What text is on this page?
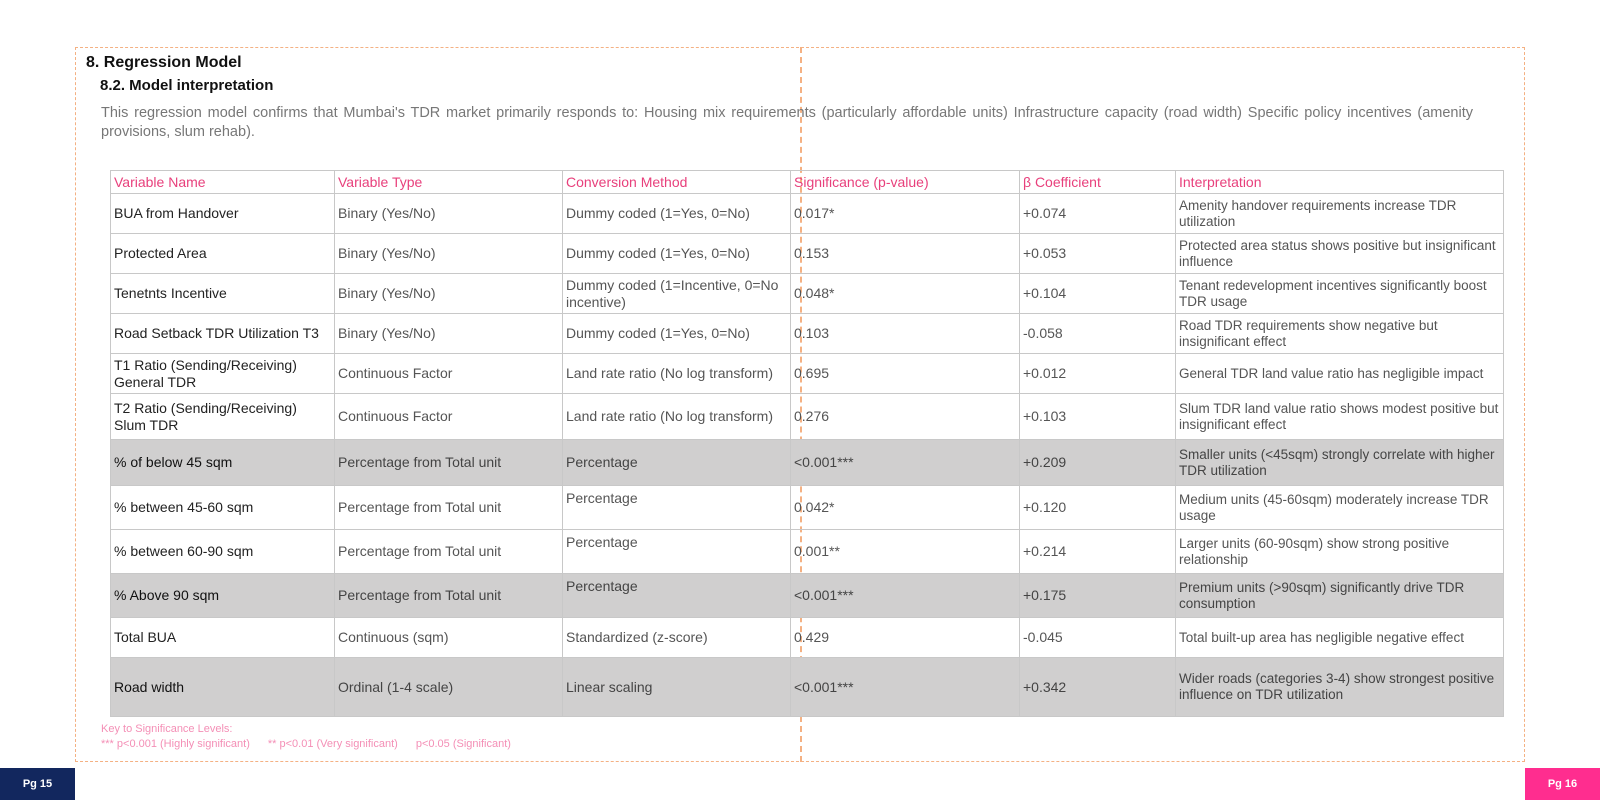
8. Regression Model
8.2. Model interpretation
This regression model confirms that Mumbai's TDR market primarily responds to: Housing mix requirements (particularly affordable units) Infrastructure capacity (road width) Specific policy incentives (amenity provisions, slum rehab).
Variable Name	Variable Type	Conversion Method	Significance (p-value)	β Coefficient	Interpretation
BUA from Handover	Binary (Yes/No)	Dummy coded (1=Yes, 0=No)	0.017*	+0.074	Amenity handover requirements increase TDR utilization
Protected Area	Binary (Yes/No)	Dummy coded (1=Yes, 0=No)	0.153	+0.053	Protected area status shows positive but insignificant influence
Tenetnts Incentive	Binary (Yes/No)	Dummy coded (1=Incentive, 0=No incentive)	0.048*	+0.104	Tenant redevelopment incentives significantly boost TDR usage
Road Setback TDR Utilization T3	Binary (Yes/No)	Dummy coded (1=Yes, 0=No)	0.103	-0.058	Road TDR requirements show negative but insignificant effect
T1 Ratio (Sending/Receiving) General TDR	Continuous Factor	Land rate ratio (No log transform)	0.695	+0.012	General TDR land value ratio has negligible impact
T2 Ratio (Sending/Receiving) Slum TDR	Continuous Factor	Land rate ratio (No log transform)	0.276	+0.103	Slum TDR land value ratio shows modest positive but insignificant effect
% of below 45 sqm	Percentage from Total unit	Percentage	<0.001***	+0.209	Smaller units (<45sqm) strongly correlate with higher TDR utilization
% between 45-60 sqm	Percentage from Total unit	Percentage	0.042*	+0.120	Medium units (45-60sqm) moderately increase TDR usage
% between 60-90 sqm	Percentage from Total unit	Percentage	0.001**	+0.214	Larger units (60-90sqm) show strong positive relationship
% Above 90 sqm	Percentage from Total unit	Percentage	<0.001***	+0.175	Premium units (>90sqm) significantly drive TDR consumption
Total BUA	Continuous (sqm)	Standardized (z-score)	0.429	-0.045	Total built-up area has negligible negative effect
Road width	Ordinal (1-4 scale)	Linear scaling	<0.001***	+0.342	Wider roads (categories 3-4) show strongest positive influence on TDR utilization
Key to Significance Levels:
*** p<0.001 (Highly significant) ** p<0.01 (Very significant) p<0.05 (Significant)
Pg 15	Pg 16
